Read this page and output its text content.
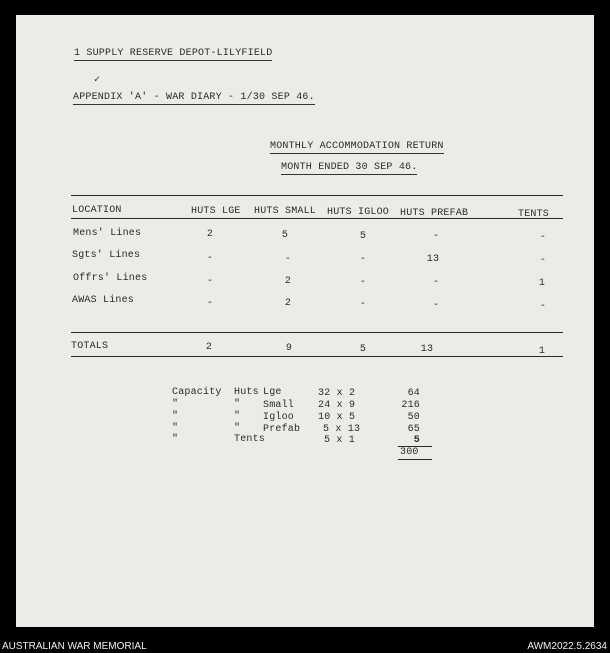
1 SUPPLY RESERVE DEPOT-LILYFIELD
✓
APPENDIX 'A' - WAR DIARY - 1/30 SEP 46.
MONTHLY ACCOMMODATION RETURN
MONTH ENDED 30 SEP 46.
LOCATION	HUTS LGE HUTS SMALL HUTS IGLOO HUTS PREFAB	TENTS
Mens' Lines	2	5	5	-	-
Sgts' Lines	-	-	-	13	-
Offrs' Lines	-	2	-	-	1
AWAS Lines	-	2	-	-	-
TOTALS	2	9	5	13	1
Capacity Huts Lge	32 x 2	64
"	" Small 24 x 9	216
"	" Igloo 10 x 5	50
"	" Prefab 5 x 13	65
"	Tents	5 x 1	5
300
AUSTRALIAN WAR MEMORIAL	AWM2022.5.2634
